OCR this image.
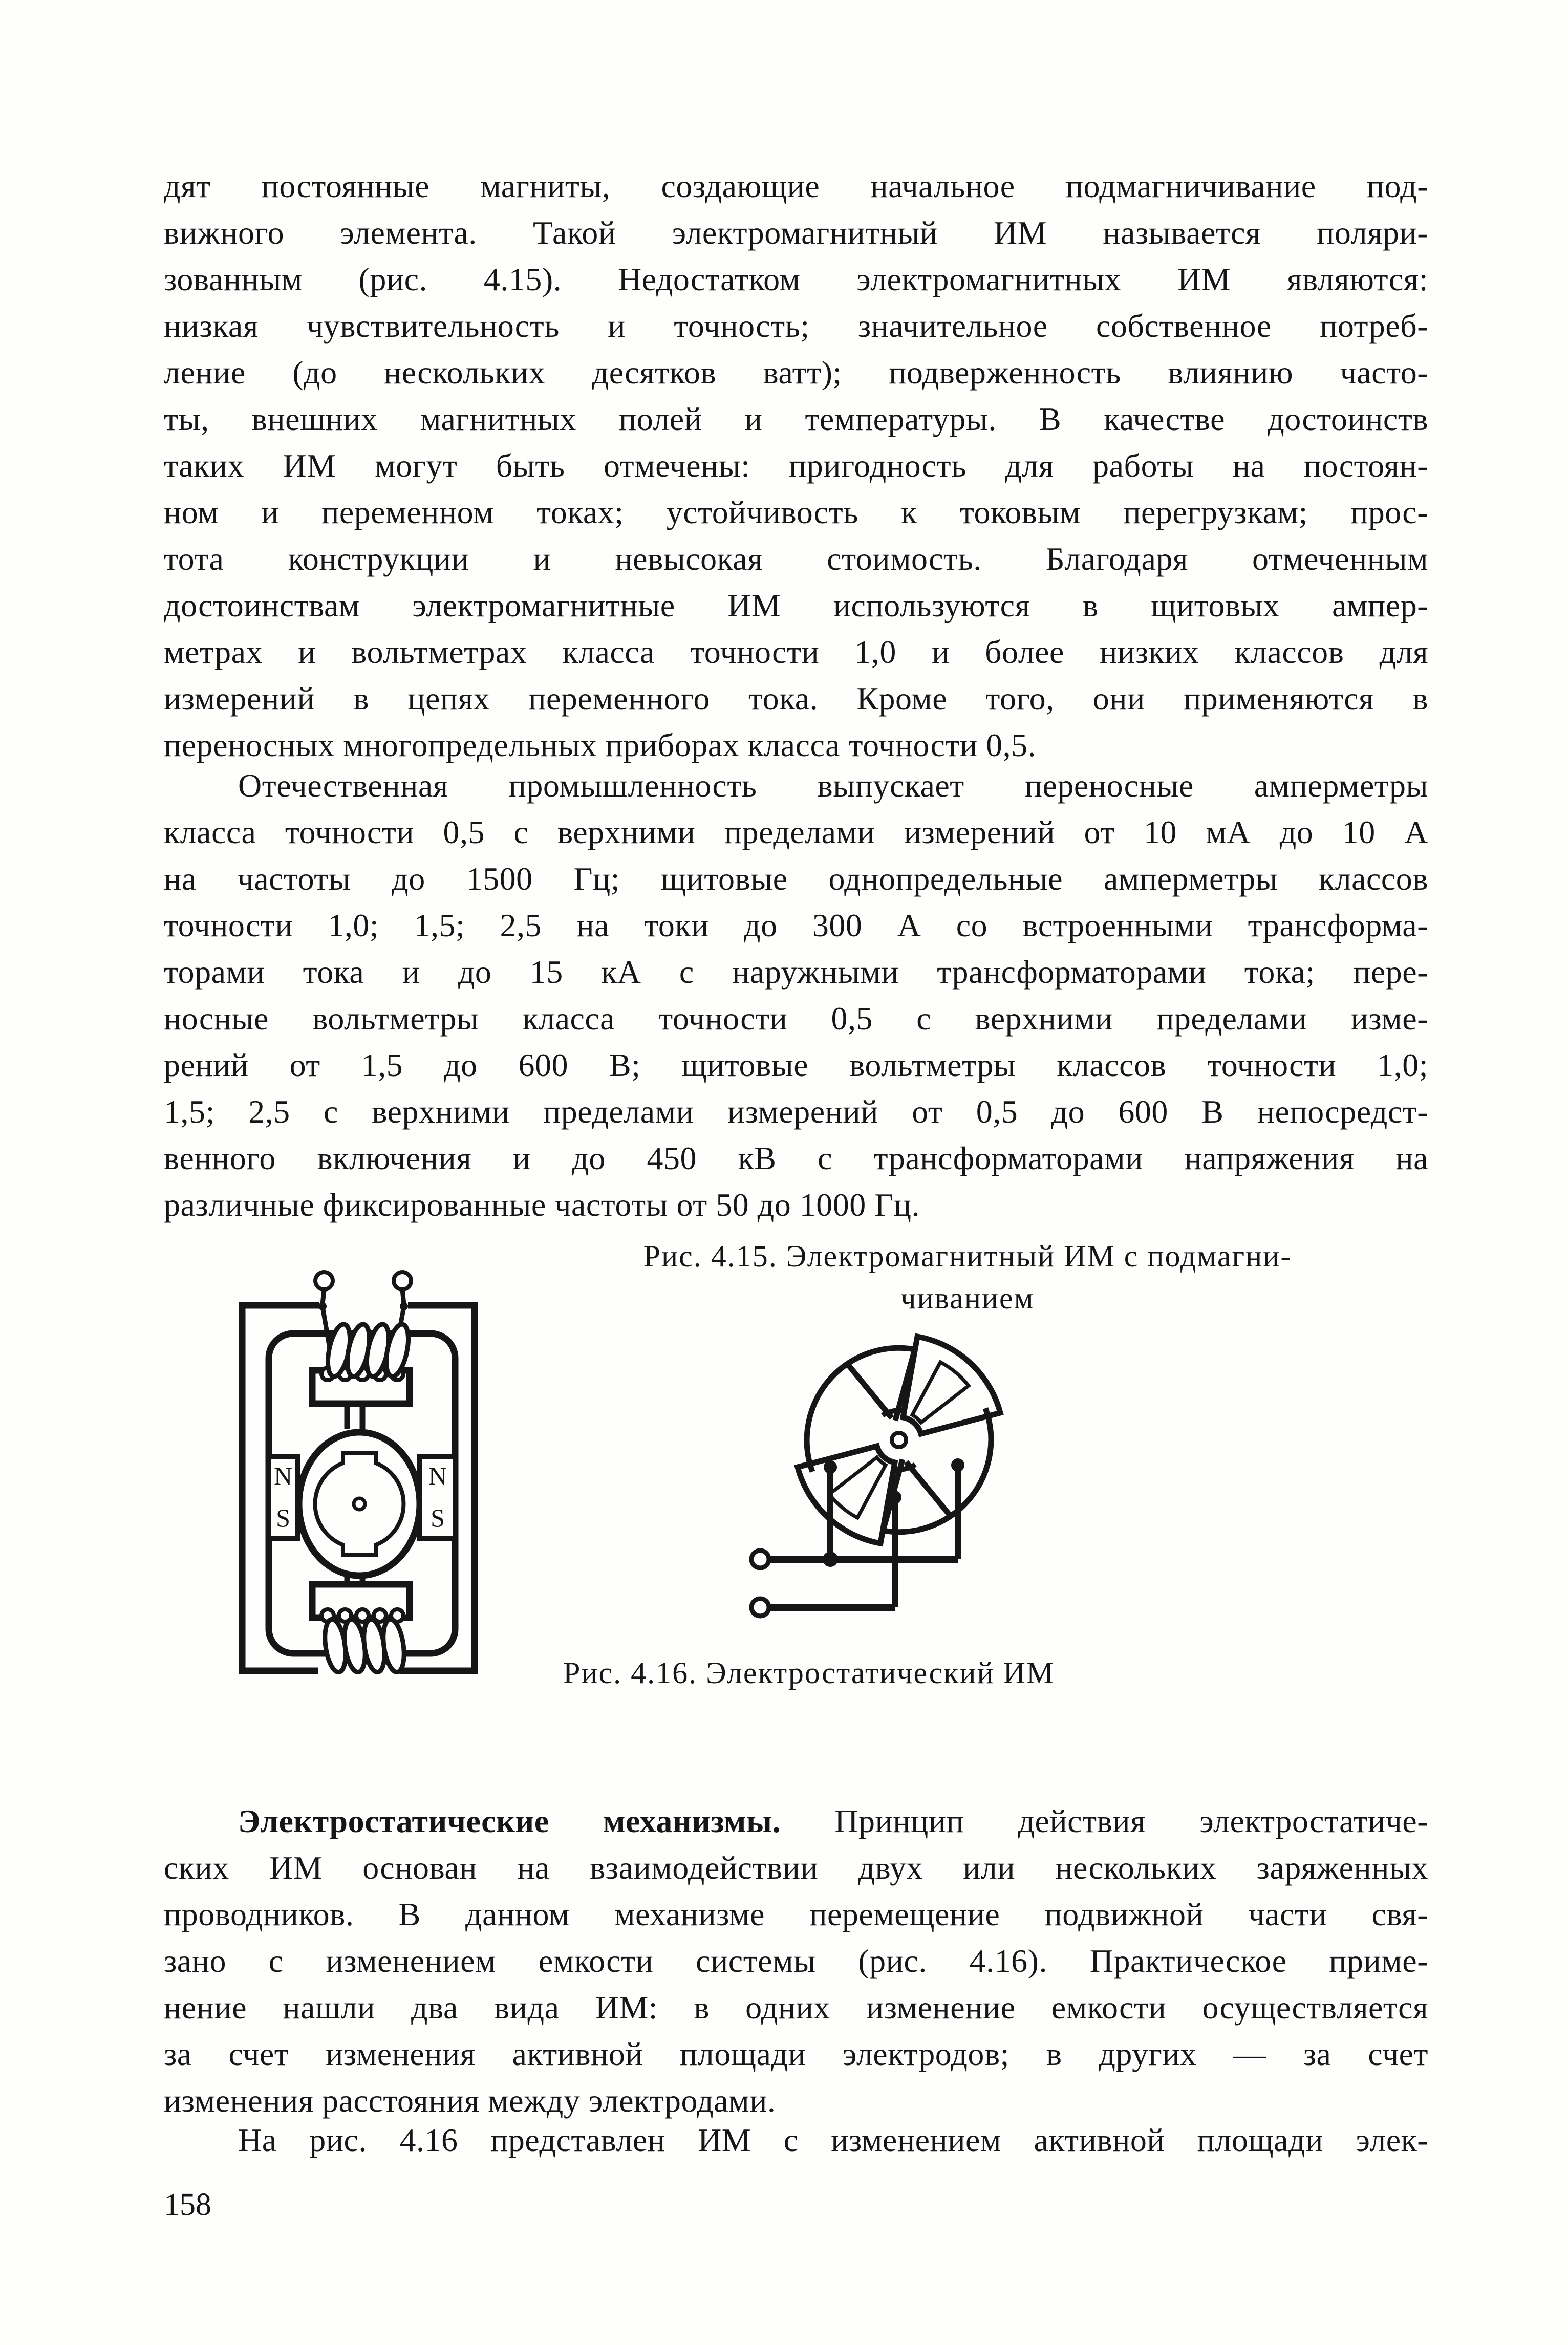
дят постоянные магниты, создающие начальное подмагничивание под-
вижного элемента. Такой электромагнитный ИМ называется поляри-
зованным (рис. 4.15). Недостатком электромагнитных ИМ являются:
низкая чувствительность и точность; значительное собственное потреб-
ление (до нескольких десятков ватт); подверженность влиянию часто-
ты, внешних магнитных полей и температуры. В качестве достоинств
таких ИМ могут быть отмечены: пригодность для работы на постоян-
ном и переменном токах; устойчивость к токовым перегрузкам; прос-
тота конструкции и невысокая стоимость. Благодаря отмеченным
достоинствам электромагнитные ИМ используются в щитовых ампер-
метрах и вольтметрах класса точности 1,0 и более низких классов для
измерений в цепях переменного тока. Кроме того, они применяются в
переносных многопредельных приборах класса точности 0,5.
Отечественная промышленность выпускает переносные амперметры
класса точности 0,5 с верхними пределами измерений от 10 мА до 10 А
на частоты до 1500 Гц; щитовые однопредельные амперметры классов
точности 1,0; 1,5; 2,5 на токи до 300 А со встроенными трансформа-
торами тока и до 15 кА с наружными трансформаторами тока; пере-
носные вольтметры класса точности 0,5 с верхними пределами изме-
рений от 1,5 до 600 В; щитовые вольтметры классов точности 1,0;
1,5; 2,5 с верхними пределами измерений от 0,5 до 600 В непосредст-
венного включения и до 450 кВ с трансформаторами напряжения на
различные фиксированные частоты от 50 до 1000 Гц.
Электростатические механизмы. Принцип действия электростатиче-
ских ИМ основан на взаимодействии двух или нескольких заряженных
проводников. В данном механизме перемещение подвижной части свя-
зано с изменением емкости системы (рис. 4.16). Практическое приме-
нение нашли два вида ИМ: в одних изменение емкости осуществляется
за счет изменения активной площади электродов; в других — за счет
изменения расстояния между электродами.
На рис. 4.16 представлен ИМ с изменением активной площади элек-
Рис. 4.15. Электромагнитный ИМ с подмагни-
чиванием
N
S
N
S
Рис. 4.16. Электростатический ИМ
158
